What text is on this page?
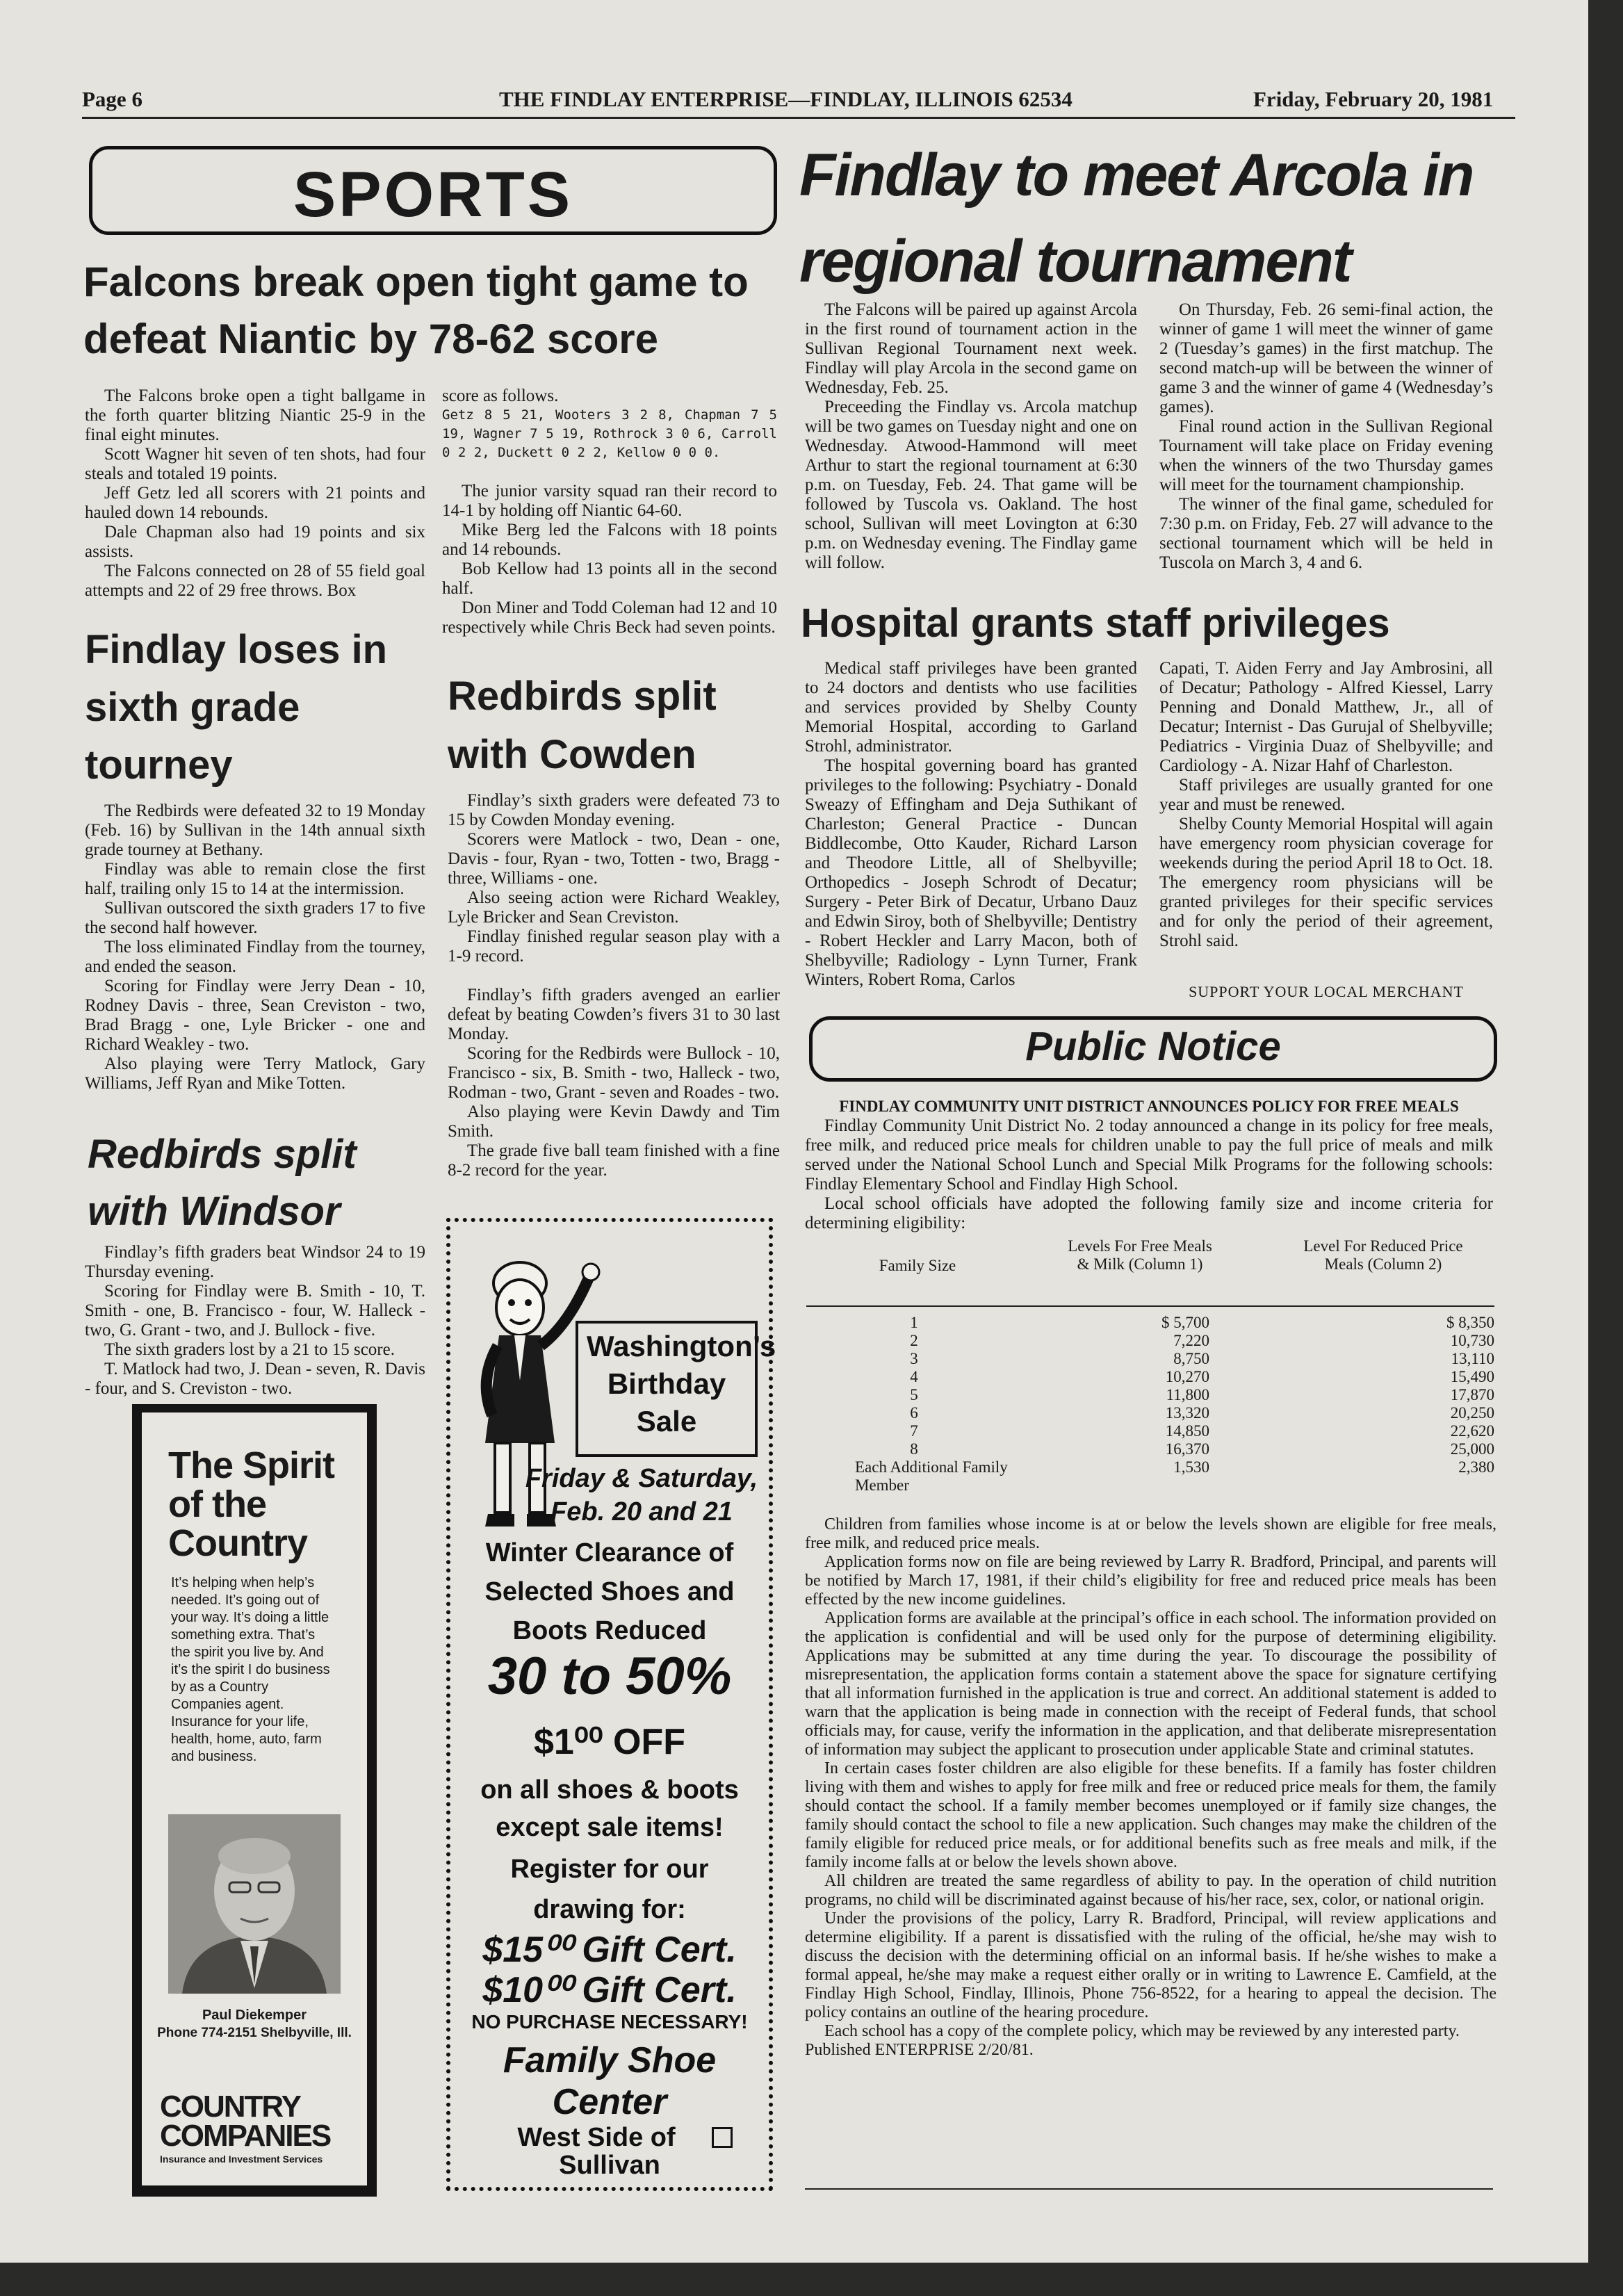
Page 6	THE FINDLAY ENTERPRISE—FINDLAY, ILLINOIS 62534	Friday, February 20, 1981
SPORTS
Falcons break open tight game to defeat Niantic by 78-62 score

The Falcons broke open a tight ballgame in the forth quarter blitzing Niantic 25-9 in the final eight minutes.

Scott Wagner hit seven of ten shots, had four steals and totaled 19 points.

Jeff Getz led all scorers with 21 points and hauled down 14 rebounds.

Dale Chapman also had 19 points and six assists.

The Falcons connected on 28 of 55 field goal attempts and 22 of 29 free throws. Box

score as follows.

Getz 8 5 21, Wooters 3 2 8, Chapman 7 5 19, Wagner 7 5 19, Rothrock 3 0 6, Carroll 0 2 2, Duckett 0 2 2, Kellow 0 0 0.

The junior varsity squad ran their record to 14-1 by holding off Niantic 64-60.

Mike Berg led the Falcons with 18 points and 14 rebounds.

Bob Kellow had 13 points all in the second half.

Don Miner and Todd Coleman had 12 and 10 respectively while Chris Beck had seven points.

Findlay loses in sixth grade tourney

The Redbirds were defeated 32 to 19 Monday (Feb. 16) by Sullivan in the 14th annual sixth grade tourney at Bethany.

Findlay was able to remain close the first half, trailing only 15 to 14 at the intermission.

Sullivan outscored the sixth graders 17 to five the second half however.

The loss eliminated Findlay from the tourney, and ended the season.

Scoring for Findlay were Jerry Dean - 10, Rodney Davis - three, Sean Creviston - two, Brad Bragg - one, Lyle Bricker - one and Richard Weakley - two.

Also playing were Terry Matlock, Gary Williams, Jeff Ryan and Mike Totten.

Redbirds split with Windsor

Findlay’s fifth graders beat Windsor 24 to 19 Thursday evening.

Scoring for Findlay were B. Smith - 10, T. Smith - one, B. Francisco - four, W. Halleck - two, G. Grant - two, and J. Bullock - five.

The sixth graders lost by a 21 to 15 score.

T. Matlock had two, J. Dean - seven, R. Davis - four, and S. Creviston - two.

The Spirit of the Country
It’s helping when help’s needed. It’s going out of your way. It’s doing a little something extra. That’s the spirit you live by. And it’s the spirit I do business by as a Country Companies agent. Insurance for your life, health, home, auto, farm and business.
Paul Diekemper
Phone 774-2151 Shelbyville, Ill.
COUNTRY
COMPANIES
Insurance and Investment Services
Redbirds split with Cowden

Findlay’s sixth graders were defeated 73 to 15 by Cowden Monday evening.

Scorers were Matlock - two, Dean - one, Davis - four, Ryan - two, Totten - two, Bragg - three, Williams - one.

Also seeing action were Richard Weakley, Lyle Bricker and Sean Creviston.

Findlay finished regular season play with a 1-9 record.

Findlay’s fifth graders avenged an earlier defeat by beating Cowden’s fivers 31 to 30 last Monday.

Scoring for the Redbirds were Bullock - 10, Francisco - six, B. Smith - two, Halleck - two, Rodman - two, Grant - seven and Roades - two.

Also playing were Kevin Dawdy and Tim Smith.

The grade five ball team finished with a fine 8-2 record for the year.

Washington’s Birthday Sale
Friday & Saturday, Feb. 20 and 21
Winter Clearance of Selected Shoes and Boots Reduced
30 to 50%
$1⁰⁰ OFF
on all shoes & boots except sale items!
Register for our drawing for:
$15⁰⁰ Gift Cert.
$10⁰⁰ Gift Cert.
NO PURCHASE NECESSARY!
Family Shoe Center
West Side of
Sullivan
Findlay to meet Arcola in regional tournament

The Falcons will be paired up against Arcola in the first round of tournament action in the Sullivan Regional Tournament next week. Findlay will play Arcola in the second game on Wednesday, Feb. 25.

Preceeding the Findlay vs. Arcola matchup will be two games on Tuesday night and one on Wednesday. Atwood-Hammond will meet Arthur to start the regional tournament at 6:30 p.m. on Tuesday, Feb. 24. That game will be followed by Tuscola vs. Oakland. The host school, Sullivan will meet Lovington at 6:30 p.m. on Wednesday evening. The Findlay game will follow.

On Thursday, Feb. 26 semi-final action, the winner of game 1 will meet the winner of game 2 (Tuesday’s games) in the first matchup. The second match-up will be between the winner of game 3 and the winner of game 4 (Wednesday’s games).

Final round action in the Sullivan Regional Tournament will take place on Friday evening when the winners of the two Thursday games will meet for the tournament championship.

The winner of the final game, scheduled for 7:30 p.m. on Friday, Feb. 27 will advance to the sectional tournament which will be held in Tuscola on March 3, 4 and 6.

Hospital grants staff privileges

Medical staff privileges have been granted to 24 doctors and dentists who use facilities and services provided by Shelby County Memorial Hospital, according to Garland Strohl, administrator.

The hospital governing board has granted privileges to the following: Psychiatry - Donald Sweazy of Effingham and Deja Suthikant of Charleston; General Practice - Duncan Biddlecombe, Otto Kauder, Richard Larson and Theodore Little, all of Shelbyville; Orthopedics - Joseph Schrodt of Decatur; Surgery - Peter Birk of Decatur, Urbano Dauz and Edwin Siroy, both of Shelbyville; Dentistry - Robert Heckler and Larry Macon, both of Shelbyville; Radiology - Lynn Turner, Frank Winters, Robert Roma, Carlos

Capati, T. Aiden Ferry and Jay Ambrosini, all of Decatur; Pathology - Alfred Kiessel, Larry Penning and Donald Matthew, Jr., all of Decatur; Internist - Das Gurujal of Shelbyville; Pediatrics - Virginia Duaz of Shelbyville; and Cardiology - A. Nizar Hahf of Charleston.

Staff privileges are usually granted for one year and must be renewed.

Shelby County Memorial Hospital will again have emergency room physician coverage for weekends during the period April 18 to Oct. 18. The emergency room physicians will be granted privileges for their specific services and for only the period of their agreement, Strohl said.

SUPPORT YOUR LOCAL MERCHANT
Public Notice
FINDLAY COMMUNITY UNIT DISTRICT ANNOUNCES POLICY FOR FREE MEALS

Findlay Community Unit District No. 2 today announced a change in its policy for free meals, free milk, and reduced price meals for children unable to pay the full price of meals and milk served under the National School Lunch and Special Milk Programs for the following schools: Findlay Elementary School and Findlay High School.

Local school officials have adopted the following family size and income criteria for determining eligibility:

Family Size
Levels For Free Meals & Milk (Column 1)
Level For Reduced Price Meals (Column 2)
1	$ 5,700	$ 8,350
2	7,220	10,730
3	8,750	13,110
4	10,270	15,490
5	11,800	17,870
6	13,320	20,250
7	14,850	22,620
8	16,370	25,000
Each Additional Family Member	1,530	2,380

Children from families whose income is at or below the levels shown are eligible for free meals, free milk, and reduced price meals.

Application forms now on file are being reviewed by Larry R. Bradford, Principal, and parents will be notified by March 17, 1981, if their child’s eligibility for free and reduced price meals has been effected by the new income guidelines.

Application forms are available at the principal’s office in each school. The information provided on the application is confidential and will be used only for the purpose of determining eligibility. Applications may be submitted at any time during the year. To discourage the possibility of misrepresentation, the application forms contain a statement above the space for signature certifying that all information furnished in the application is true and correct. An additional statement is added to warn that the application is being made in connection with the receipt of Federal funds, that school officials may, for cause, verify the information in the application, and that deliberate misrepresentation of information may subject the applicant to prosecution under applicable State and criminal statutes.

In certain cases foster children are also eligible for these benefits. If a family has foster children living with them and wishes to apply for free milk and free or reduced price meals for them, the family should contact the school. If a family member becomes unemployed or if family size changes, the family should contact the school to file a new application. Such changes may make the children of the family eligible for reduced price meals, or for additional benefits such as free meals and milk, if the family income falls at or below the levels shown above.

All children are treated the same regardless of ability to pay. In the operation of child nutrition programs, no child will be discriminated against because of his/her race, sex, color, or national origin.

Under the provisions of the policy, Larry R. Bradford, Principal, will review applications and determine eligibility. If a parent is dissatisfied with the ruling of the official, he/she may wish to discuss the decision with the determining official on an informal basis. If he/she wishes to make a formal appeal, he/she may make a request either orally or in writing to Lawrence E. Camfield, at the Findlay High School, Findlay, Illinois, Phone 756-8522, for a hearing to appeal the decision. The policy contains an outline of the hearing procedure.

Each school has a copy of the complete policy, which may be reviewed by any interested party.

Published ENTERPRISE 2/20/81.
